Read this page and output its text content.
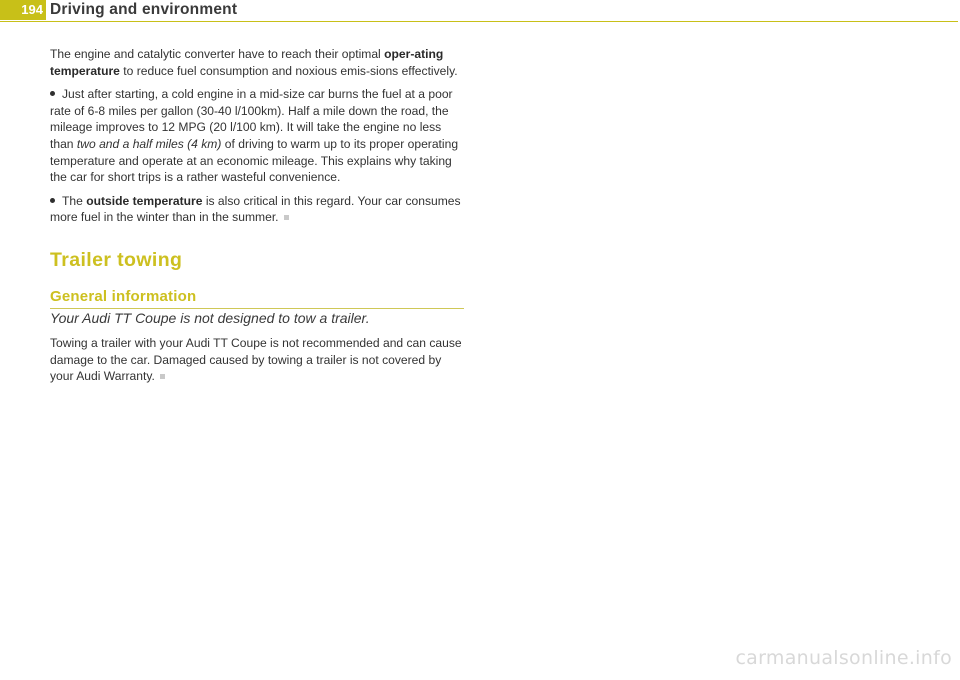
194 Driving and environment

The engine and catalytic converter have to reach their optimal oper-ating temperature to reduce fuel consumption and noxious emis-sions effectively.

Just after starting, a cold engine in a mid-size car burns the fuel at a poor rate of 6-8 miles per gallon (30-40 l/100km). Half a mile down the road, the mileage improves to 12 MPG (20 l/100 km). It will take the engine no less than two and a half miles (4 km) of driving to warm up to its proper operating temperature and operate at an economic mileage. This explains why taking the car for short trips is a rather wasteful convenience.

The outside temperature is also critical in this regard. Your car consumes more fuel in the winter than in the summer.

Trailer towing
General information

Your Audi TT Coupe is not designed to tow a trailer.

Towing a trailer with your Audi TT Coupe is not recommended and can cause damage to the car. Damaged caused by towing a trailer is not covered by your Audi Warranty.

carmanualsonline.info
